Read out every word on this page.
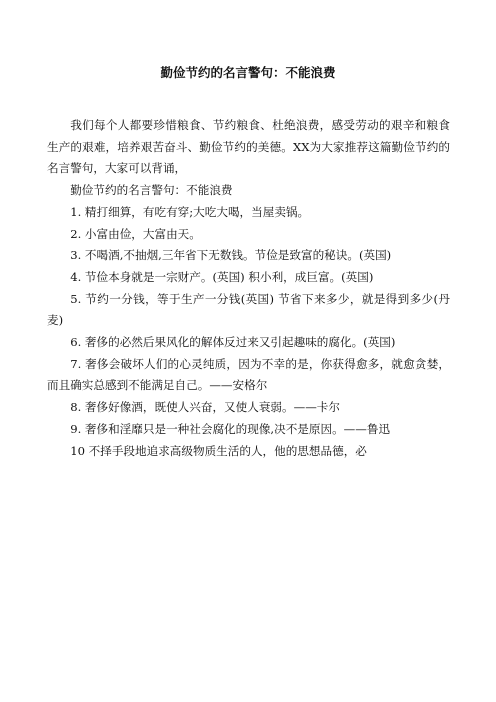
勤俭节约的名言警句：不能浪费

我们每个人都要珍惜粮食、节约粮食、杜绝浪费，感受劳动的艰辛和粮食生产的艰难，培养艰苦奋斗、勤俭节约的美德。XX为大家推荐这篇勤俭节约的名言警句，大家可以背诵，

勤俭节约的名言警句：不能浪费

1. 精打细算，有吃有穿;大吃大喝，当屋卖锅。

2. 小富由俭，大富由天。

3. 不喝酒,不抽烟,三年省下无数钱。节俭是致富的秘诀。(英国)

4. 节俭本身就是一宗财产。(英国) 积小利，成巨富。(英国)

5. 节约一分钱，等于生产一分钱(英国) 节省下来多少，就是得到多少(丹麦)

6. 奢侈的必然后果风化的解体反过来又引起趣味的腐化。(英国)

7. 奢侈会破坏人们的心灵纯质，因为不幸的是，你获得愈多，就愈贪婪，而且确实总感到不能满足自己。——安格尔

8. 奢侈好像酒，既使人兴奋，又使人衰弱。——卡尔

9. 奢侈和淫靡只是一种社会腐化的现像,决不是原因。——鲁迅

10 不择手段地追求高级物质生活的人，他的思想品德，必
